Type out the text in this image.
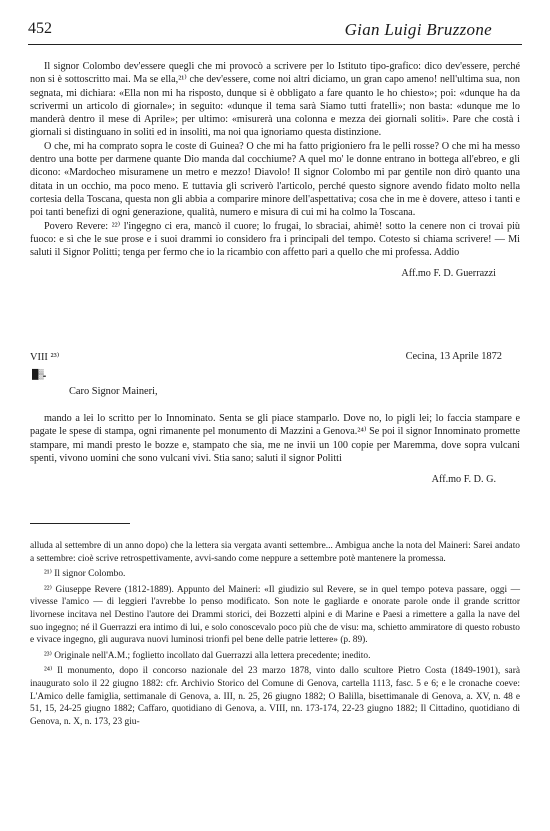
452	Gian Luigi Bruzzone

Il signor Colombo dev'essere quegli che mi provocò a scrivere per lo Istituto tipo-grafico: dico dev'essere, perché non si è sottoscritto mai. Ma se ella,²¹⁾ che dev'essere, come noi altri diciamo, un gran capo ameno! nell'ultima sua, non segnata, mi dichiara: «Ella non mi ha risposto, dunque si è obbligato a fare quanto le ho chiesto»; poi: «dunque ha da scrivermi un articolo di giornale»; in seguito: «dunque il tema sarà Siamo tutti fratelli»; non basta: «dunque me lo manderà dentro il mese di Aprile»; per ultimo: «misurerà una colonna e mezza dei giornali soliti». Pare che costà i giornali si distinguano in soliti ed in insoliti, ma noi qua ignoriamo questa distinzione.

O che, mi ha comprato sopra le coste di Guinea? O che mi ha fatto prigioniero fra le pelli rosse? O che mi ha messo dentro una botte per darmene quante Dio manda dal cocchiume? A quel mo' le donne entrano in bottega all'ebreo, e gli dicono: «Mardocheo misuramene un metro e mezzo! Diavolo! Il signor Colombo mi par gentile non dirò quanto una ditata in un occhio, ma poco meno. E tuttavia gli scriverò l'articolo, perché questo signore avendo fidato molto nella cortesia della Toscana, questa non gli abbia a comparire minore dell'aspettativa; cosa che in me è dovere, atteso i tanti e poi tanti benefizi di ogni generazione, qualità, numero e misura di cui mi ha colmo la Toscana.

Povero Revere: ²²⁾ l'ingegno ci era, mancò il cuore; lo frugai, lo sbraciai, ahimè! sotto la cenere non ci trovai più fuoco: e sì che le sue prose e i suoi drammi io considero fra i principali del tempo. Cotesto si chiama scrivere! — Mi saluti il Signor Politti; tenga per fermo che io la ricambio con affetto pari a quello che mi professa. Addio

Aff.mo F. D. Guerrazzi
VIII ²³⁾	Cecina, 13 Aprile 1872
█▒..
Caro Signor Maineri,

mando a lei lo scritto per lo Innominato. Senta se gli piace stamparlo. Dove no, lo pigli lei; lo faccia stampare e pagate le spese di stampa, ogni rimanente pel monumento di Mazzini a Genova.²⁴⁾ Se poi il signor Innominato promette stampare, mi mandi presto le bozze e, stampato che sia, me ne invii un 100 copie per Maremma, dove sopra vulcani spenti, vivono uomini che sono vulcani vivi. Stia sano; saluti il signor Politti

Aff.mo F. D. G.

alluda al settembre di un anno dopo) che la lettera sia vergata avanti settembre... Ambigua anche la nota del Maineri: Sarei andato a settembre: cioè scrive retrospettivamente, avvi-sando come neppure a settembre potè mantenere la promessa.

²¹⁾ Il signor Colombo.

²²⁾ Giuseppe Revere (1812-1889). Appunto del Maineri: «Il giudizio sul Revere, se in quel tempo poteva passare, oggi — vivesse l'amico — di leggieri l'avrebbe lo penso modificato. Son note le gagliarde e onorate parole onde il grande scrittor livornese incitava nel Destino l'autore dei Drammi storici, dei Bozzetti alpini e di Marine e Paesi a rimettere a galla la nave del suo ingegno; né il Guerrazzi era intimo di lui, e solo conoscevalo poco più che de visu: ma, schietto ammiratore di questo robusto e vivace ingegno, gli augurava nuovi luminosi trionfi pel bene delle patrie lettere» (p. 89).

²³⁾ Originale nell'A.M.; foglietto incollato dal Guerrazzi alla lettera precedente; inedito.

²⁴⁾ Il monumento, dopo il concorso nazionale del 23 marzo 1878, vinto dallo scultore Pietro Costa (1849-1901), sarà inaugurato solo il 22 giugno 1882: cfr. Archivio Storico del Comune di Genova, cartella 1113, fasc. 5 e 6; e le cronache coeve: L'Amico delle famiglia, settimanale di Genova, a. III, n. 25, 26 giugno 1882; O Balilla, bisettimanale di Genova, a. XV, n. 48 e 51, 15, 24-25 giugno 1882; Caffaro, quotidiano di Genova, a. VIII, nn. 173-174, 22-23 giugno 1882; Il Cittadino, quotidiano di Genova, n. X, n. 173, 23 giu-
